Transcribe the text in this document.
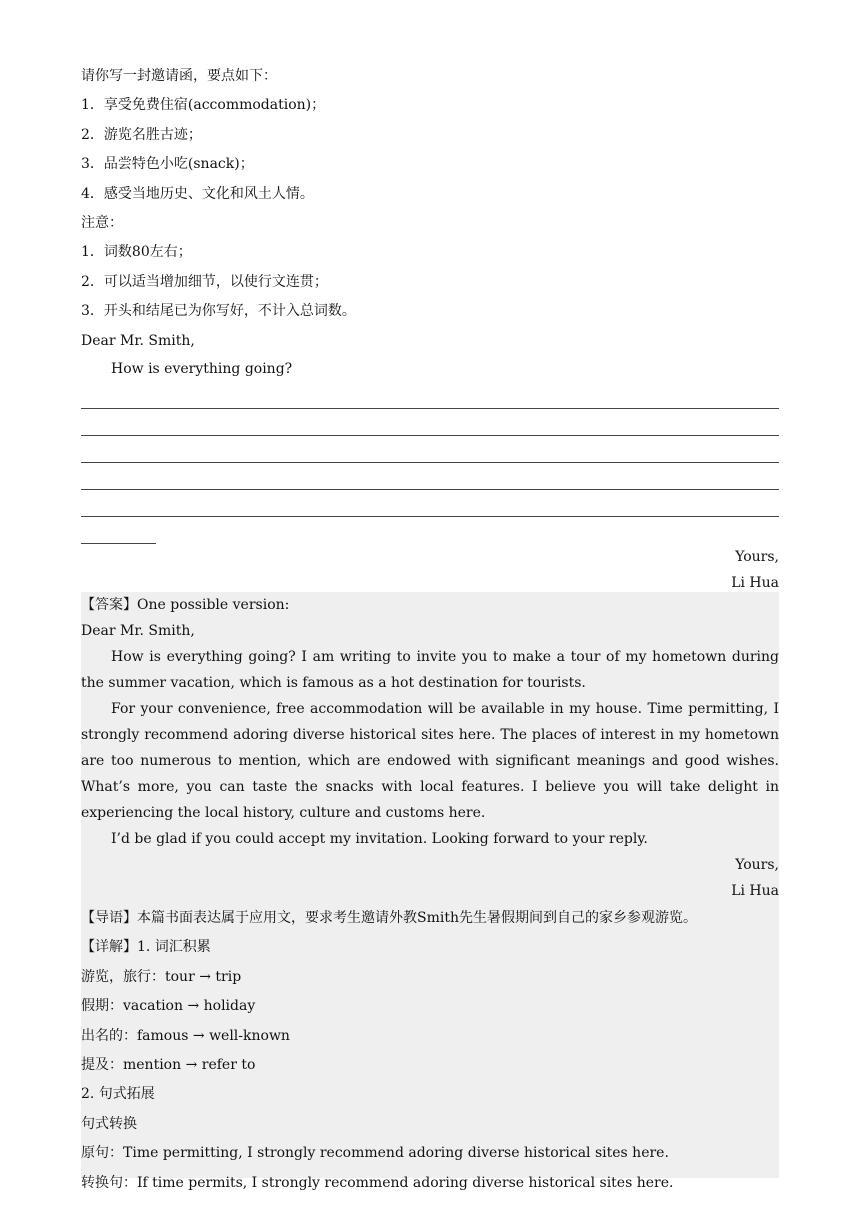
请你写一封邀请函，要点如下：
1．享受免费住宿(accommodation)；
2．游览名胜古迹；
3．品尝特色小吃(snack)；
4．感受当地历史、文化和风土人情。
注意：
1．词数80左右；
2．可以适当增加细节，以使行文连贯；
3．开头和结尾已为你写好，不计入总词数。
Dear Mr. Smith,
How is everything going?
Yours,
Li Hua
【答案】One possible version:
Dear Mr. Smith,

How is everything going? I am writing to invite you to make a tour of my hometown during the summer vacation, which is famous as a hot destination for tourists.

For your convenience, free accommodation will be available in my house. Time permitting, I strongly recommend adoring diverse historical sites here. The places of interest in my hometown are too numerous to mention, which are endowed with significant meanings and good wishes. What’s more, you can taste the snacks with local features. I believe you will take delight in experiencing the local history, culture and customs here.

I’d be glad if you could accept my invitation. Looking forward to your reply.

Yours,
Li Hua
【导语】本篇书面表达属于应用文，要求考生邀请外教Smith先生暑假期间到自己的家乡参观游览。
【详解】1. 词汇积累
游览，旅行：tour → trip
假期：vacation → holiday
出名的：famous → well-known
提及：mention → refer to
2. 句式拓展
句式转换
原句：Time permitting, I strongly recommend adoring diverse historical sites here.
转换句：If time permits, I strongly recommend adoring diverse historical sites here.
